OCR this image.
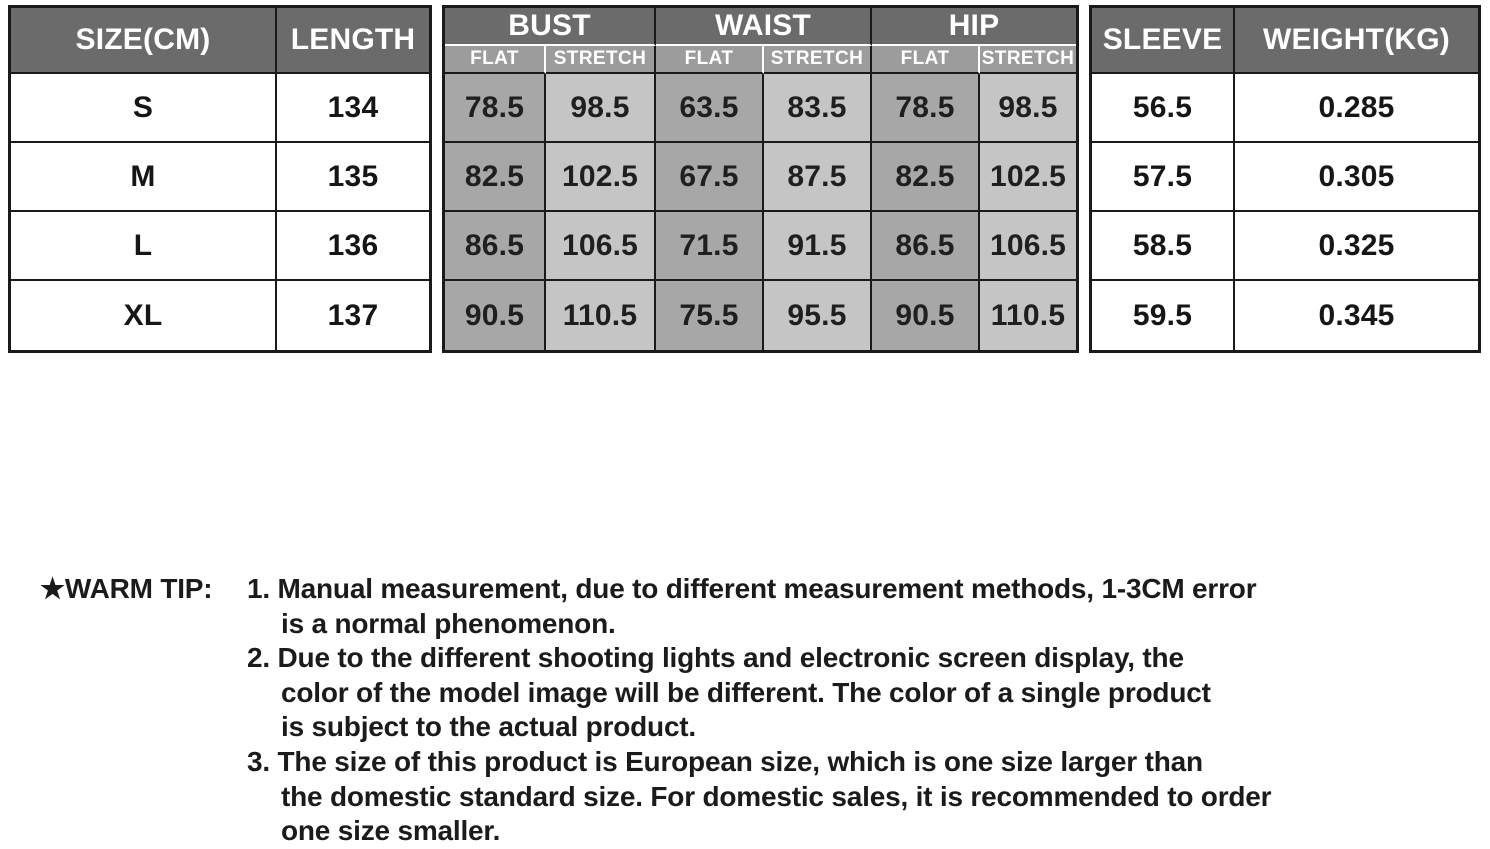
SIZE(CM)	LENGTH
S	134
M	135
L	136
XL	137
BUST	WAIST	HIP
FLAT	STRETCH	FLAT	STRETCH	FLAT	STRETCH
78.5	98.5	63.5	83.5	78.5	98.5
82.5	102.5	67.5	87.5	82.5	102.5
86.5	106.5	71.5	91.5	86.5	106.5
90.5	110.5	75.5	95.5	90.5	110.5
SLEEVE	WEIGHT(KG)
56.5	0.285
57.5	0.305
58.5	0.325
59.5	0.345
★WARM TIP:	1. Manual measurement, due to different measurement methods, 1-3CM error
is a normal phenomenon.
2. Due to the different shooting lights and electronic screen display, the
color of the model image will be different. The color of a single product
is subject to the actual product.
3. The size of this product is European size, which is one size larger than
the domestic standard size. For domestic sales, it is recommended to order
one size smaller.
